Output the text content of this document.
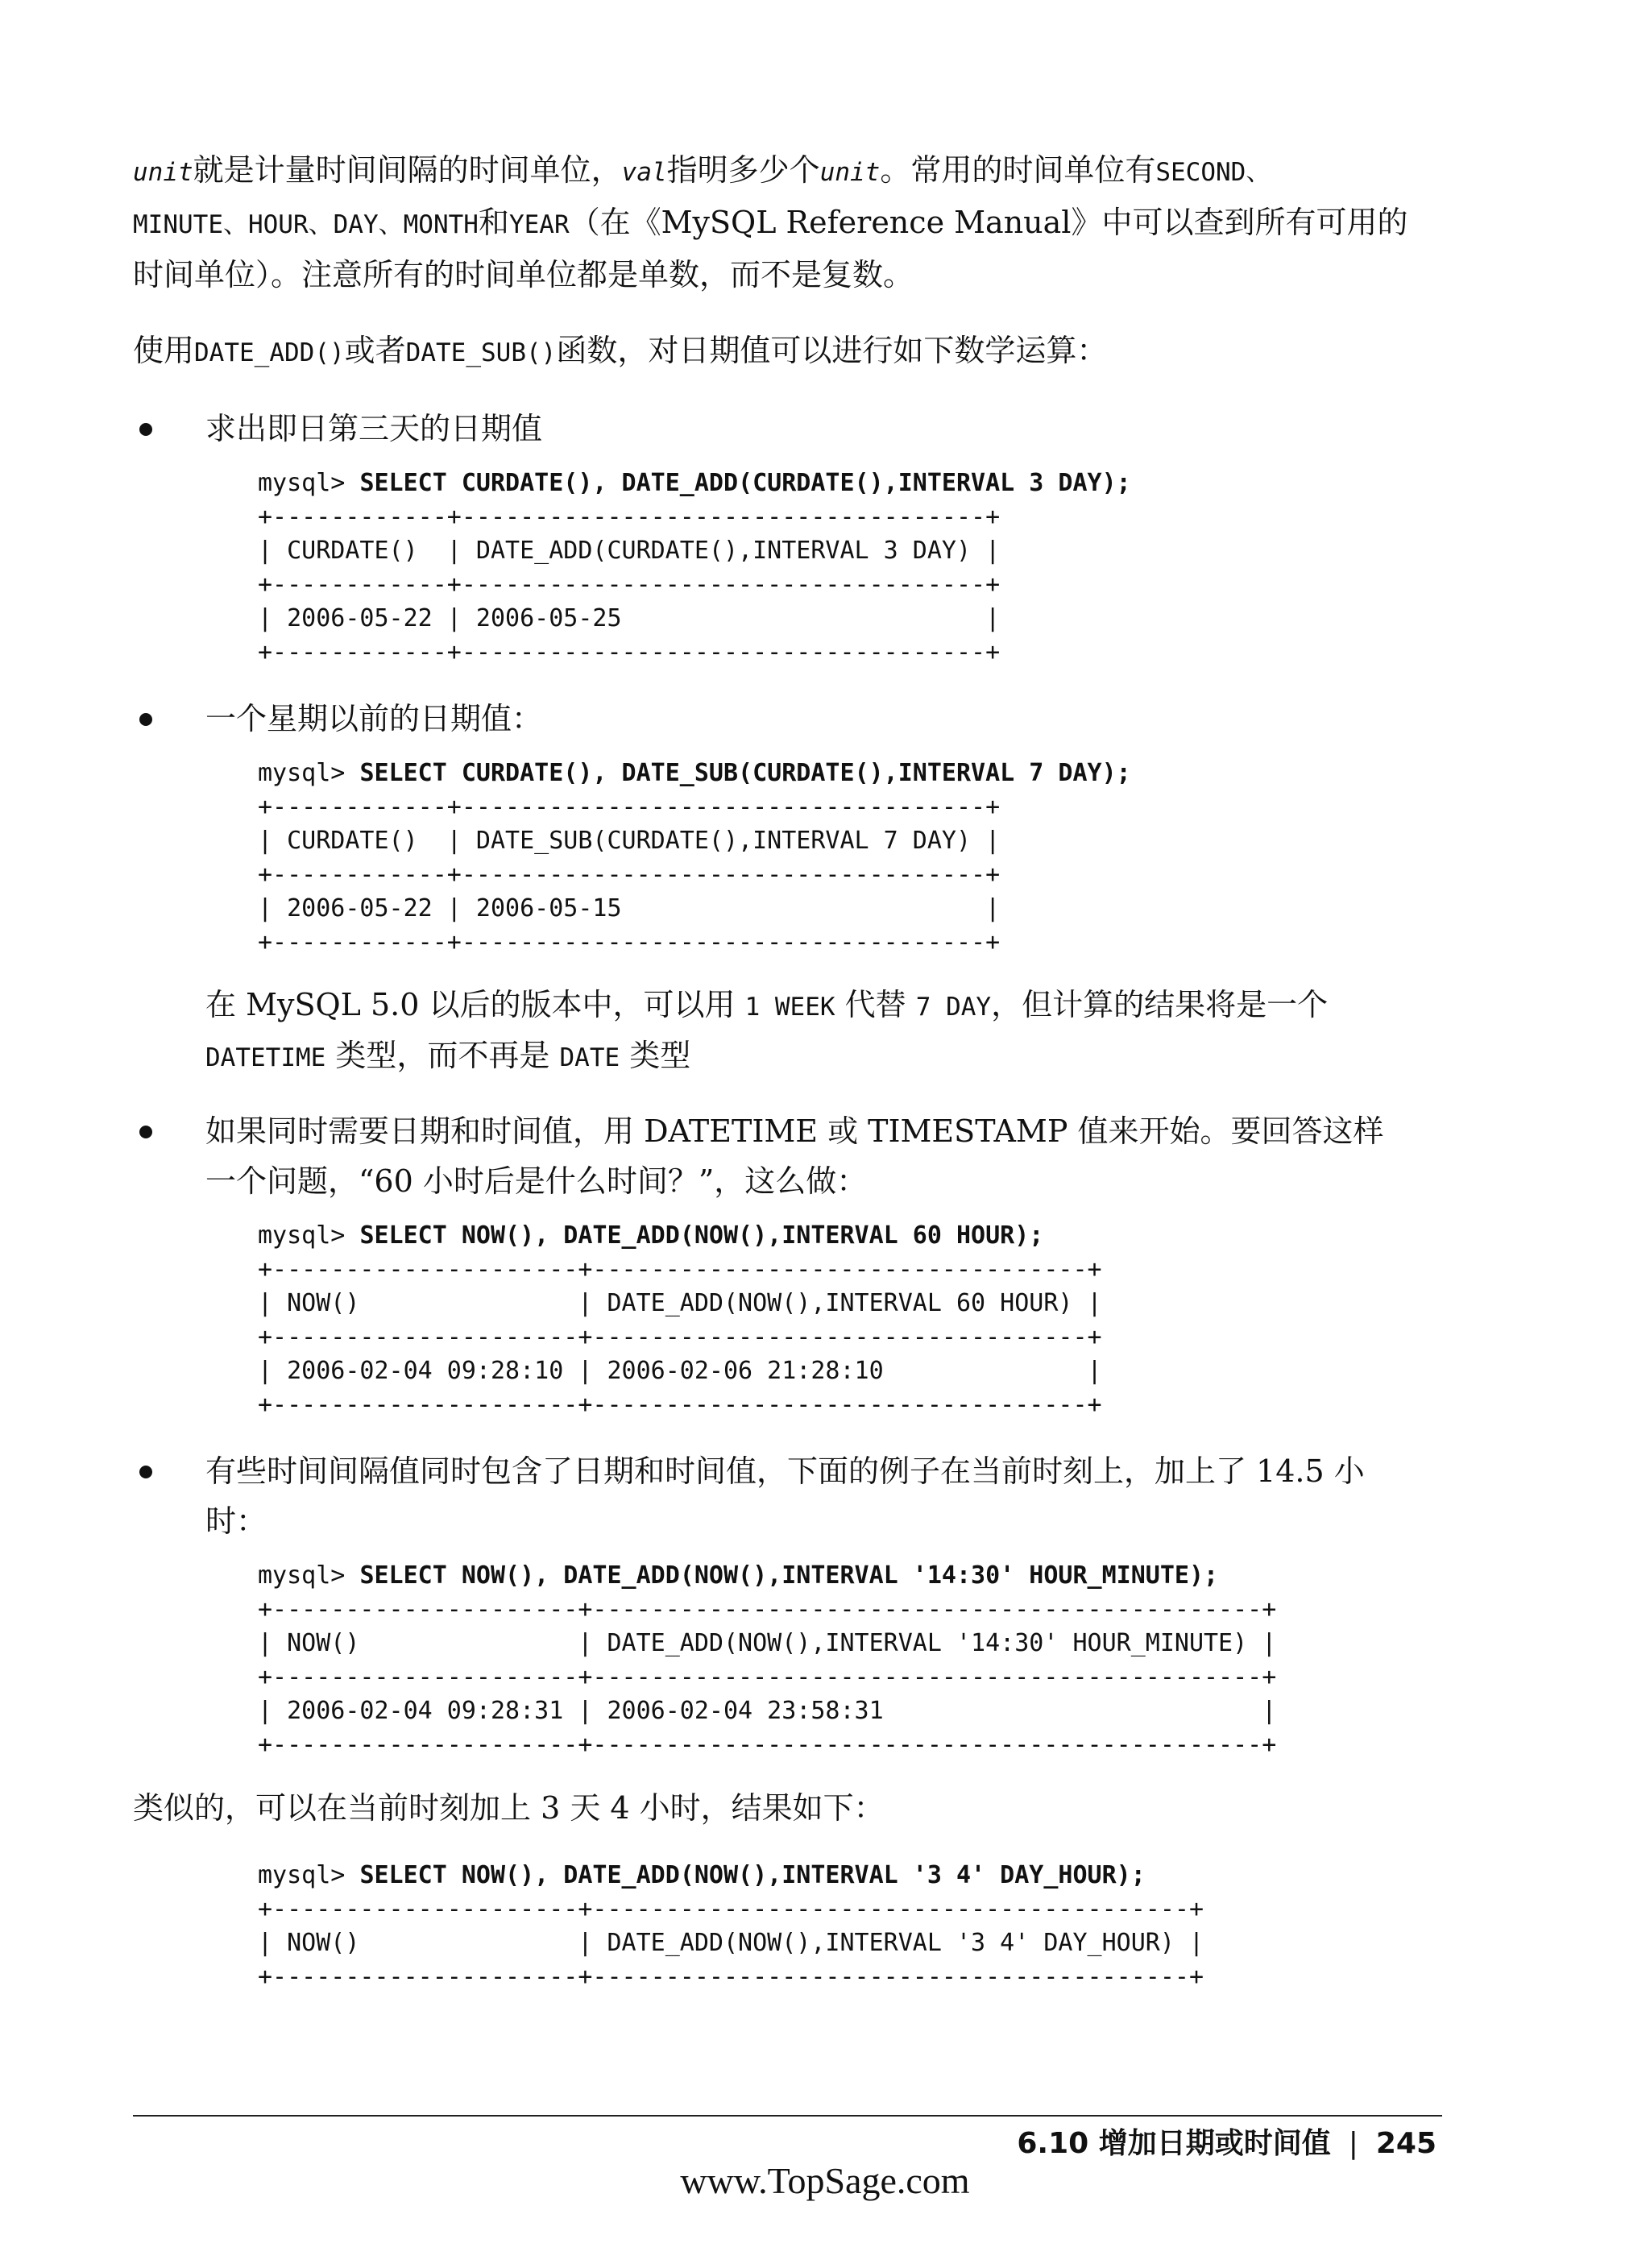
unit就是计量时间间隔的时间单位，val指明多少个unit。常用的时间单位有SECOND、
MINUTE、HOUR、DAY、MONTH和YEAR（在《MySQL Reference Manual》中可以查到所有可用的时间单位）。注意所有的时间单位都是单数，而不是复数。

使用DATE_ADD()或者DATE_SUB()函数，对日期值可以进行如下数学运算：

求出即日第三天的日期值
mysql> SELECT CURDATE(), DATE_ADD(CURDATE(),INTERVAL 3 DAY);
+------------+------------------------------------+
| CURDATE()  | DATE_ADD(CURDATE(),INTERVAL 3 DAY) |
+------------+------------------------------------+
| 2006-05-22 | 2006-05-25                         |
+------------+------------------------------------+
一个星期以前的日期值：
mysql> SELECT CURDATE(), DATE_SUB(CURDATE(),INTERVAL 7 DAY);
+------------+------------------------------------+
| CURDATE()  | DATE_SUB(CURDATE(),INTERVAL 7 DAY) |
+------------+------------------------------------+
| 2006-05-22 | 2006-05-15                         |
+------------+------------------------------------+

在 MySQL 5.0 以后的版本中，可以用 1 WEEK 代替 7 DAY，但计算的结果将是一个
DATETIME 类型，而不再是 DATE 类型

如果同时需要日期和时间值，用 DATETIME 或 TIMESTAMP 值来开始。要回答这样一个问题，“60 小时后是什么时间？”，这么做：
mysql> SELECT NOW(), DATE_ADD(NOW(),INTERVAL 60 HOUR);
+---------------------+----------------------------------+
| NOW()               | DATE_ADD(NOW(),INTERVAL 60 HOUR) |
+---------------------+----------------------------------+
| 2006-02-04 09:28:10 | 2006-02-06 21:28:10              |
+---------------------+----------------------------------+
有些时间间隔值同时包含了日期和时间值，下面的例子在当前时刻上，加上了 14.5 小时：
mysql> SELECT NOW(), DATE_ADD(NOW(),INTERVAL '14:30' HOUR_MINUTE);
+---------------------+----------------------------------------------+
| NOW()               | DATE_ADD(NOW(),INTERVAL '14:30' HOUR_MINUTE) |
+---------------------+----------------------------------------------+
| 2006-02-04 09:28:31 | 2006-02-04 23:58:31                          |
+---------------------+----------------------------------------------+

类似的，可以在当前时刻加上 3 天 4 小时，结果如下：

mysql> SELECT NOW(), DATE_ADD(NOW(),INTERVAL '3 4' DAY_HOUR);
+---------------------+-----------------------------------------+
| NOW()               | DATE_ADD(NOW(),INTERVAL '3 4' DAY_HOUR) |
+---------------------+-----------------------------------------+
6.10 增加日期或时间值 | 245
www.TopSage.com
